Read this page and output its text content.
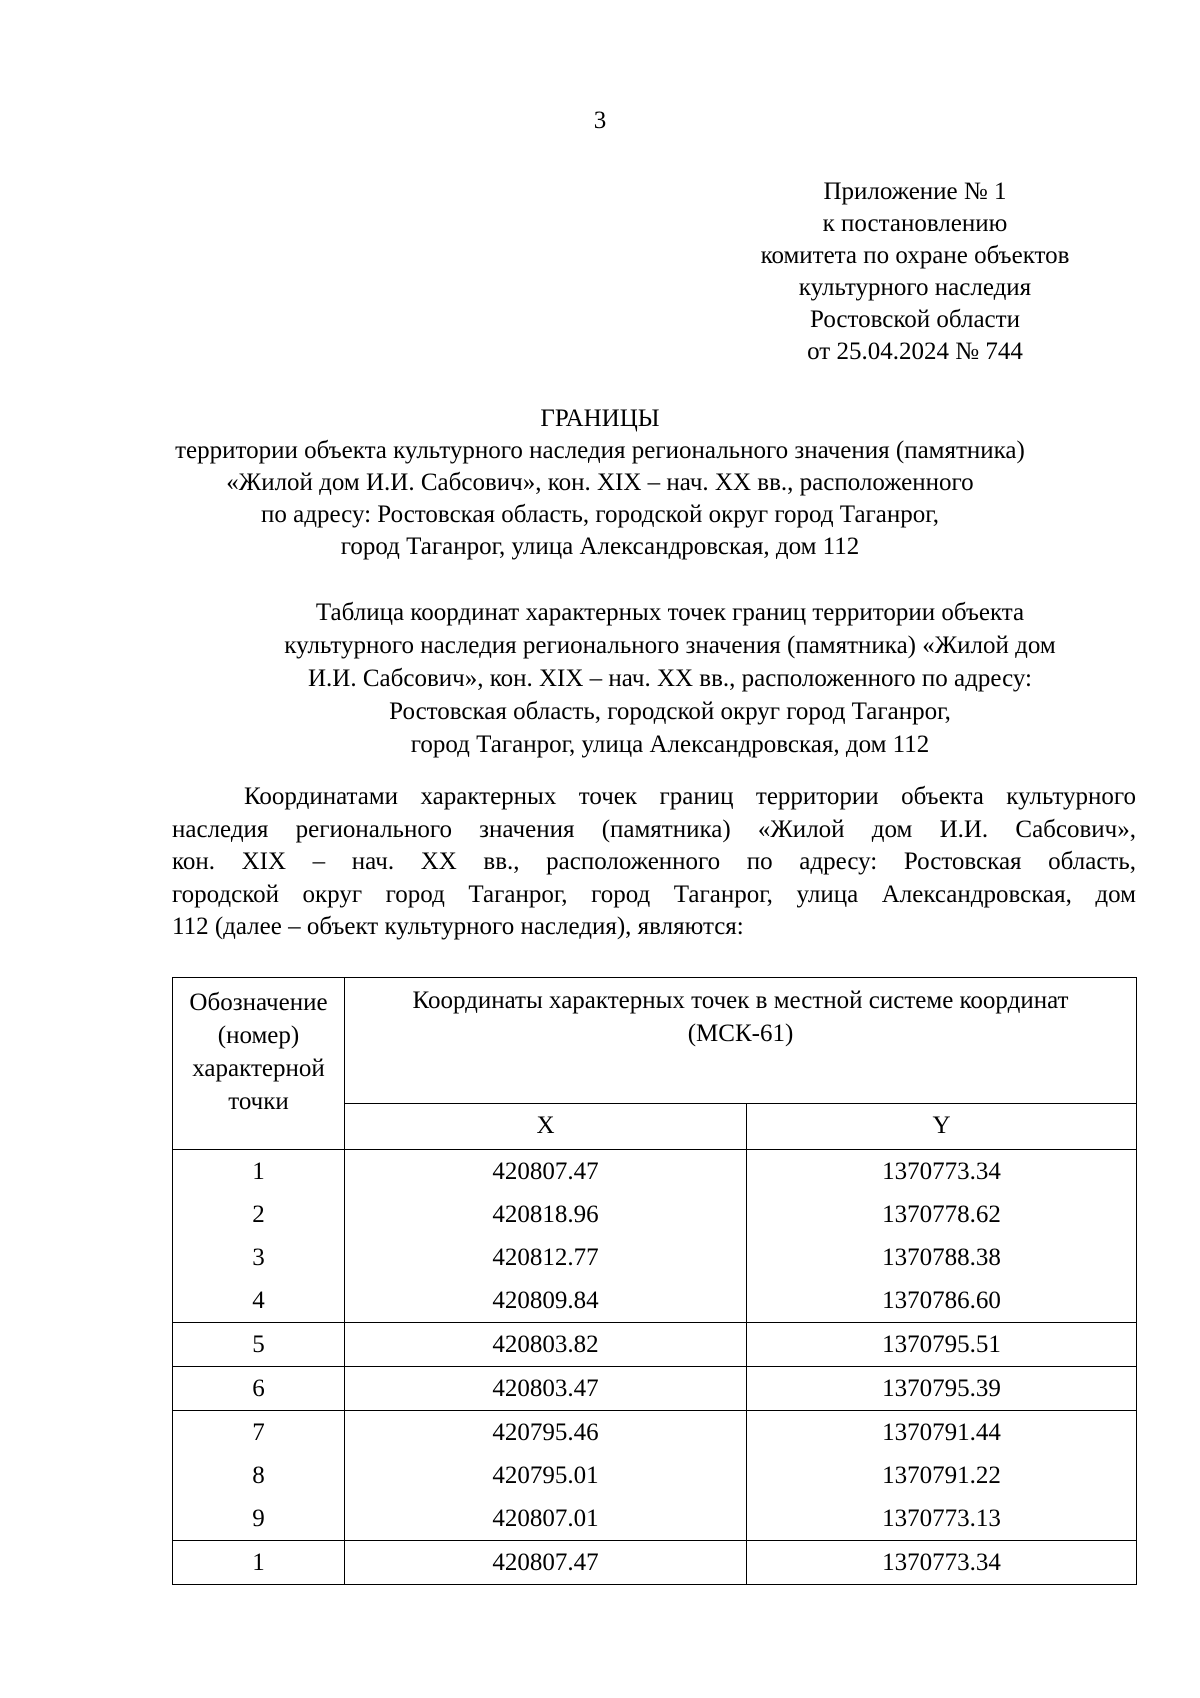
3
Приложение № 1
к постановлению
комитета по охране объектов
культурного наследия
Ростовской области
от 25.04.2024 № 744
ГРАНИЦЫ
территории объекта культурного наследия регионального значения (памятника)
«Жилой дом И.И. Сабсович», кон. XIX – нач. XX вв., расположенного
по адресу: Ростовская область, городской округ город Таганрог,
город Таганрог, улица Александровская, дом 112
Таблица координат характерных точек границ территории объекта
культурного наследия регионального значения (памятника) «Жилой дом
И.И. Сабсович», кон. XIX – нач. XX вв., расположенного по адресу:
Ростовская область, городской округ город Таганрог,
город Таганрог, улица Александровская, дом 112
Координатами характерных точек границ территории объекта культурного
наследия регионального значения (памятника) «Жилой дом И.И. Сабсович»,
кон. XIX – нач. XX вв., расположенного по адресу: Ростовская область,
городской округ город Таганрог, город Таганрог, улица Александровская, дом
112 (далее – объект культурного наследия), являются:
Обозначение
(номер)
характерной
точки	Координаты характерных точек в местной системе координат
(МСК-61)	

	X	Y
1	420807.47	1370773.34
2	420818.96	1370778.62
3	420812.77	1370788.38
4	420809.84	1370786.60
5	420803.82	1370795.51
6	420803.47	1370795.39
7	420795.46	1370791.44
8	420795.01	1370791.22
9	420807.01	1370773.13
1	420807.47	1370773.34
